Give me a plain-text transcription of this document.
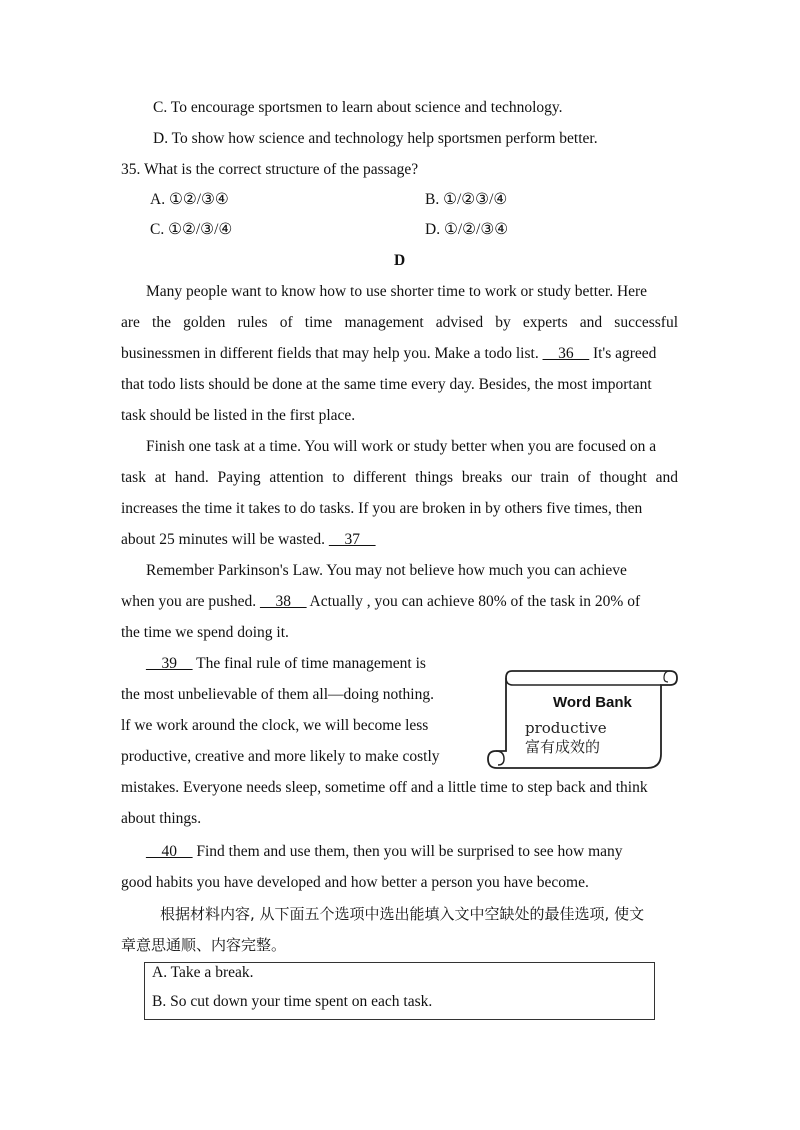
C. To encourage sportsmen to learn about science and technology.
D. To show how science and technology help sportsmen perform better.
35. What is the correct structure of the passage?
A. ①②/③④	B. ①/②③/④
C. ①②/③/④	D. ①/②/③④
D
Many people want to know how to use shorter time to work or study better. Here
are the golden rules of time management advised by experts and successful
businessmen in different fields that may help you. Make a todo list. __36__ It's agreed
that todo lists should be done at the same time every day. Besides, the most important
task should be listed in the first place.
Finish one task at a time. You will work or study better when you are focused on a
task at hand. Paying attention to different things breaks our train of thought and
increases the time it takes to do tasks. If you are broken in by others five times, then
about 25 minutes will be wasted. __37__
Remember Parkinson's Law. You may not believe how much you can achieve
when you are pushed. __38__ Actually , you can achieve 80% of the task in 20% of
the time we spend doing it.
__39__ The final rule of time management is
the most unbelievable of them all—doing nothing.
lf we work around the clock, we will become less
productive, creative and more likely to make costly
mistakes. Everyone needs sleep, sometime off and a little time to step back and think
about things.
Word Bank
productive
富有成效的
__40__ Find them and use them, then you will be surprised to see how many
good habits you have developed and how better a person you have become.
根据材料内容, 从下面五个选项中选出能填入文中空缺处的最佳选项, 使文
章意思通顺、内容完整。
A. Take a break.
B. So cut down your time spent on each task.
